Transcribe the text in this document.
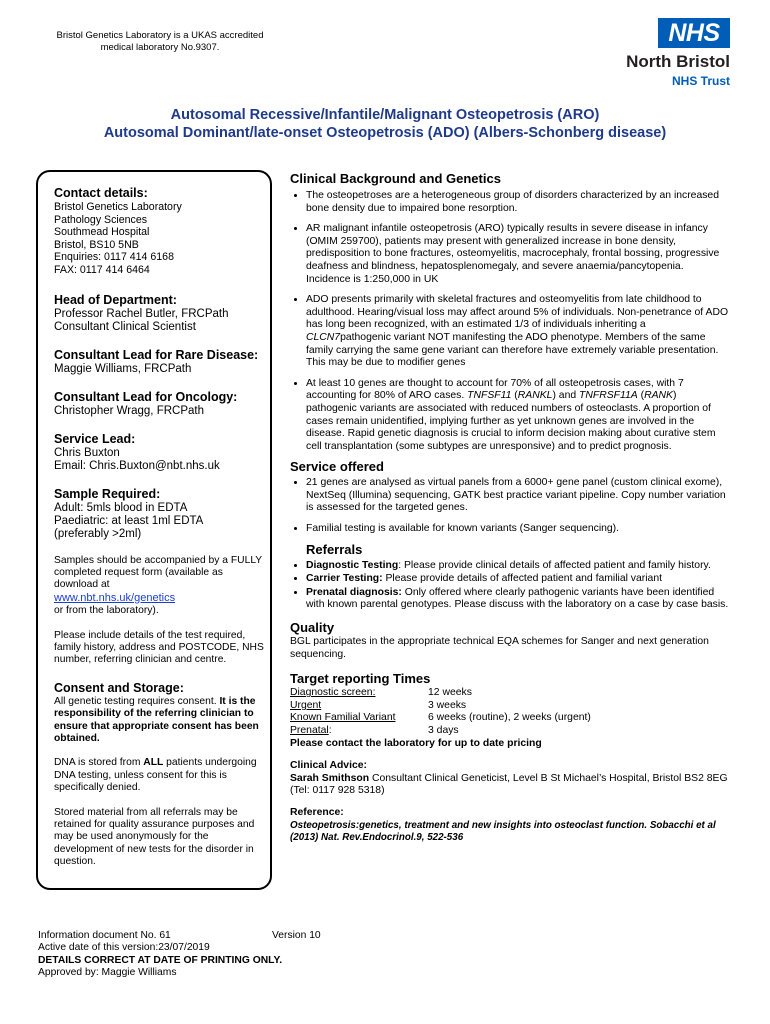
Bristol Genetics Laboratory is a UKAS accredited medical laboratory No.9307.
NHS
North Bristol
NHS Trust
Autosomal Recessive/Infantile/Malignant Osteopetrosis (ARO)
Autosomal Dominant/late-onset Osteopetrosis (ADO) (Albers-Schonberg disease)
Contact details:
Bristol Genetics Laboratory
Pathology Sciences
Southmead Hospital
Bristol, BS10 5NB
Enquiries: 0117 414 6168
FAX: 0117 414 6464
Head of Department:
Professor Rachel Butler, FRCPath
Consultant Clinical Scientist
Consultant Lead for Rare Disease:
Maggie Williams, FRCPath
Consultant Lead for Oncology:
Christopher Wragg, FRCPath
Service Lead:
Chris Buxton
Email: Chris.Buxton@nbt.nhs.uk
Sample Required:
Adult: 5mls blood in EDTA
Paediatric: at least 1ml EDTA
(preferably >2ml)
Samples should be accompanied by a FULLY completed request form (available as download at
www.nbt.nhs.uk/genetics
or from the laboratory).
Please include details of the test required, family history, address and POSTCODE, NHS number, referring clinician and centre.
Consent and Storage:
All genetic testing requires consent. It is the responsibility of the referring clinician to ensure that appropriate consent has been obtained.
DNA is stored from ALL patients undergoing DNA testing, unless consent for this is specifically denied.
Stored material from all referrals may be retained for quality assurance purposes and may be used anonymously for the development of new tests for the disorder in question.
Clinical Background and Genetics
• The osteopetroses are a heterogeneous group of disorders characterized by an increased bone density due to impaired bone resorption.
• AR malignant infantile osteopetrosis (ARO) typically results in severe disease in infancy (OMIM 259700), patients may present with generalized increase in bone density, predisposition to bone fractures, osteomyelitis, macrocephaly, frontal bossing, progressive deafness and blindness, hepatosplenomegaly, and severe anaemia/pancytopenia. Incidence is 1:250,000 in UK
• ADO presents primarily with skeletal fractures and osteomyelitis from late childhood to adulthood. Hearing/visual loss may affect around 5% of individuals. Non-penetrance of ADO has long been recognized, with an estimated 1/3 of individuals inheriting a CLCN7pathogenic variant NOT manifesting the ADO phenotype. Members of the same family carrying the same gene variant can therefore have extremely variable presentation. This may be due to modifier genes
• At least 10 genes are thought to account for 70% of all osteopetrosis cases, with 7 accounting for 80% of ARO cases. TNFSF11 (RANKL) and TNFRSF11A (RANK) pathogenic variants are associated with reduced numbers of osteoclasts. A proportion of cases remain unidentified, implying further as yet unknown genes are involved in the disease. Rapid genetic diagnosis is crucial to inform decision making about curative stem cell transplantation (some subtypes are unresponsive) and to predict prognosis.
Service offered
• 21 genes are analysed as virtual panels from a 6000+ gene panel (custom clinical exome), NextSeq (Illumina) sequencing, GATK best practice variant pipeline. Copy number variation is assessed for the targeted genes.
• Familial testing is available for known variants (Sanger sequencing).
Referrals
• Diagnostic Testing: Please provide clinical details of affected patient and family history.
• Carrier Testing: Please provide details of affected patient and familial variant
• Prenatal diagnosis: Only offered where clearly pathogenic variants have been identified with known parental genotypes. Please discuss with the laboratory on a case by case basis.
Quality
BGL participates in the appropriate technical EQA schemes for Sanger and next generation sequencing.
Target reporting Times
Diagnostic screen:	12 weeks
Urgent	3 weeks
Known Familial Variant	6 weeks (routine), 2 weeks (urgent)
Prenatal:	3 days
Please contact the laboratory for up to date pricing
Clinical Advice:
Sarah Smithson Consultant Clinical Geneticist, Level B St Michael’s Hospital, Bristol BS2 8EG (Tel: 0117 928 5318)
Reference:
Osteopetrosis:genetics, treatment and new insights into osteoclast function. Sobacchi et al (2013) Nat. Rev.Endocrinol.9, 522-536
Information document No. 61	Version 10
Active date of this version:23/07/2019
DETAILS CORRECT AT DATE OF PRINTING ONLY.
Approved by: Maggie Williams
